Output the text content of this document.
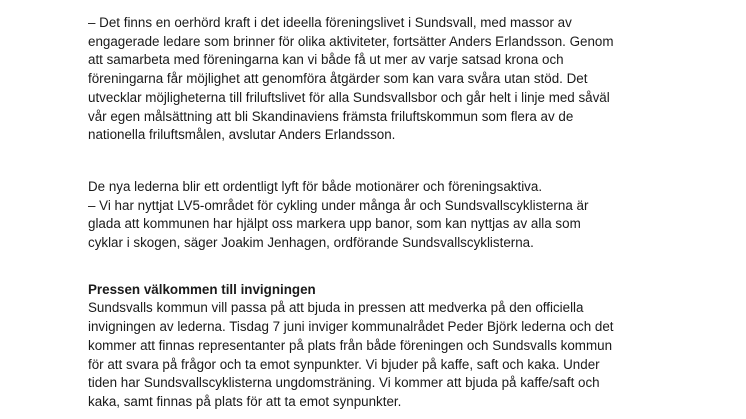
– Det finns en oerhörd kraft i det ideella föreningslivet i Sundsvall, med massor av
engagerade ledare som brinner för olika aktiviteter, fortsätter Anders Erlandsson. Genom
att samarbeta med föreningarna kan vi både få ut mer av varje satsad krona och
föreningarna får möjlighet att genomföra åtgärder som kan vara svåra utan stöd. Det
utvecklar möjligheterna till friluftslivet för alla Sundsvallsbor och går helt i linje med såväl
vår egen målsättning att bli Skandinaviens främsta friluftskommun som flera av de
nationella friluftsmålen, avslutar Anders Erlandsson.

De nya lederna blir ett ordentligt lyft för både motionärer och föreningsaktiva.
– Vi har nyttjat LV5-området för cykling under många år och Sundsvallscyklisterna är
glada att kommunen har hjälpt oss markera upp banor, som kan nyttjas av alla som
cyklar i skogen, säger Joakim Jenhagen, ordförande Sundsvallscyklisterna.

Pressen välkommen till invigningen

Sundsvalls kommun vill passa på att bjuda in pressen att medverka på den officiella
invigningen av lederna. Tisdag 7 juni inviger kommunalrådet Peder Björk lederna och det
kommer att finnas representanter på plats från både föreningen och Sundsvalls kommun
för att svara på frågor och ta emot synpunkter. Vi bjuder på kaffe, saft och kaka. Under
tiden har Sundsvallscyklisterna ungdomsträning. Vi kommer att bjuda på kaffe/saft och
kaka, samt finnas på plats för att ta emot synpunkter.
